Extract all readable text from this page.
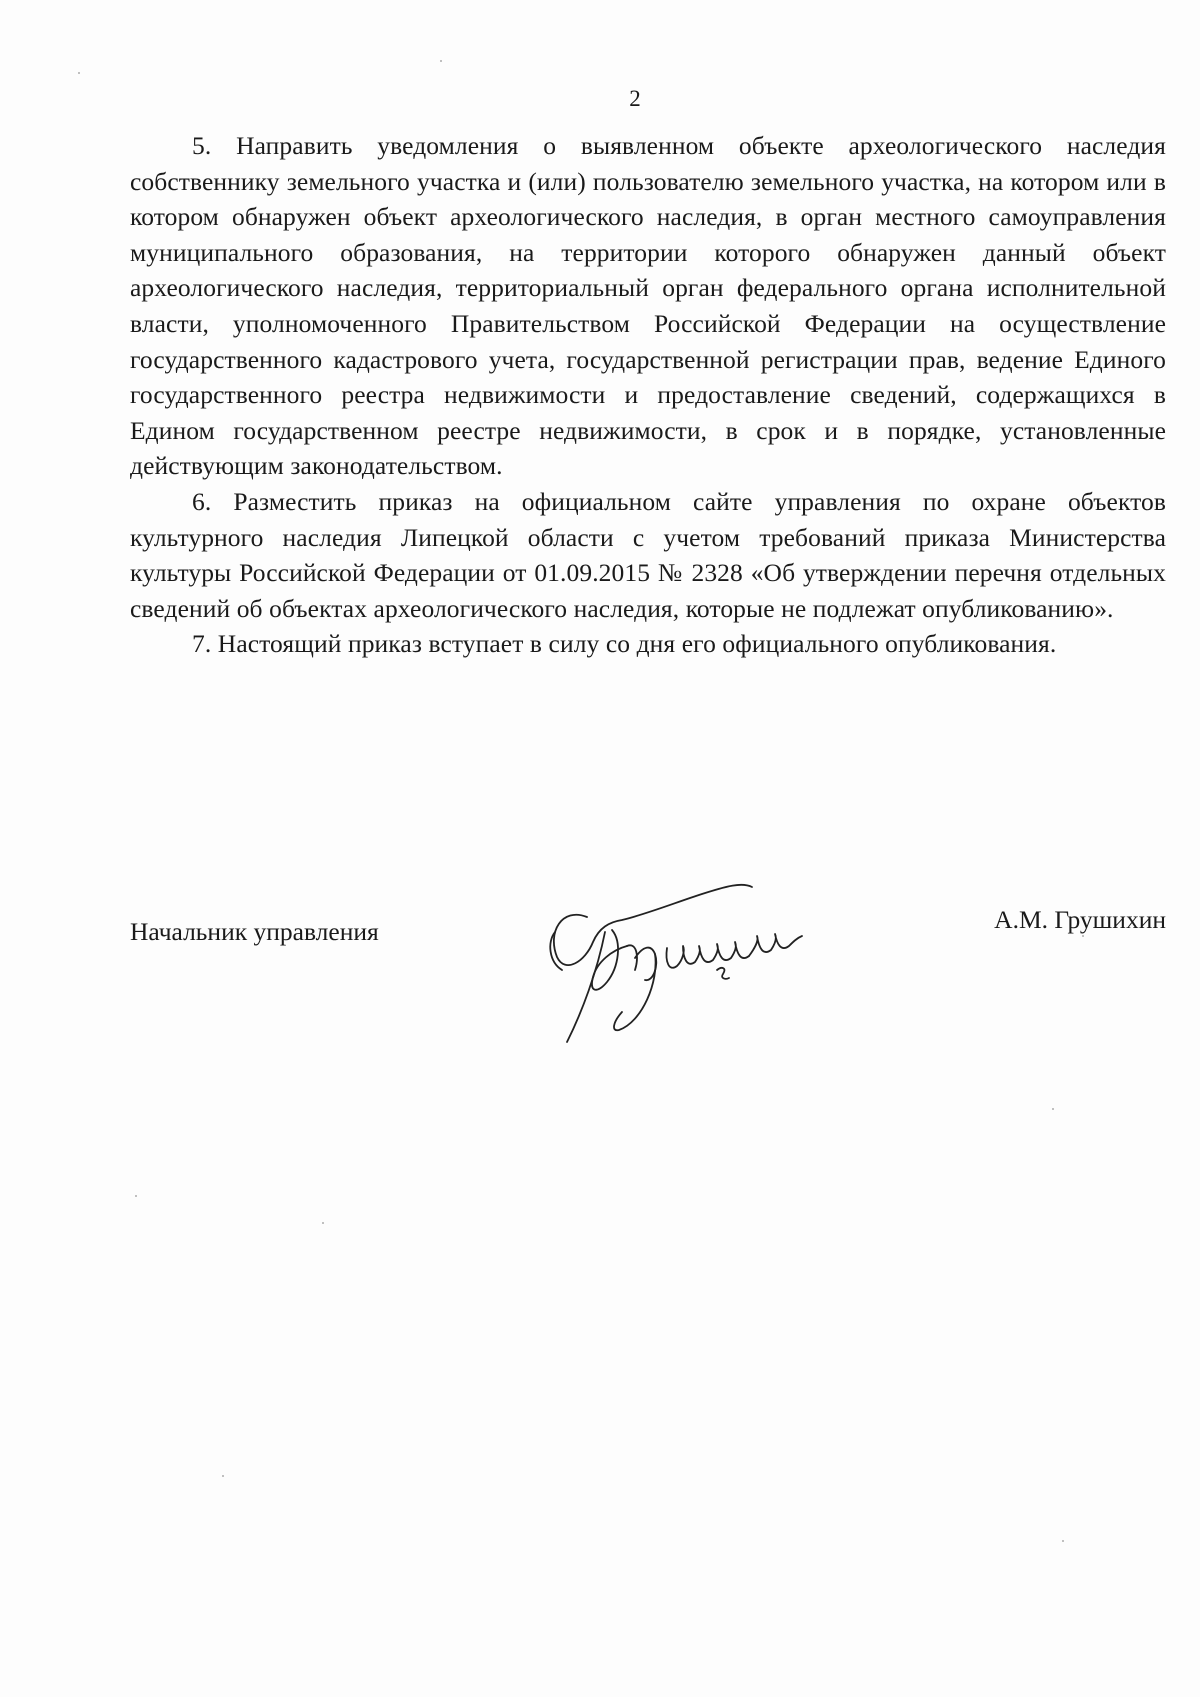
2

5. Направить уведомления о выявленном объекте археологического наследия собственнику земельного участка и (или) пользователю земельного участка, на котором или в котором обнаружен объект археологического наследия, в орган местного самоуправления муниципального образования, на территории которого обнаружен данный объект археологического наследия, территориальный орган федерального органа исполнительной власти, уполномоченного Правительством Российской Федерации на осуществление государственного кадастрового учета, государственной регистрации прав, ведение Единого государственного реестра недвижимости и предоставление сведений, содержащихся в Едином государственном реестре недвижимости, в срок и в порядке, установленные действующим законодательством.

6. Разместить приказ на официальном сайте управления по охране объектов культурного наследия Липецкой области с учетом требований приказа Министерства культуры Российской Федерации от 01.09.2015 № 2328 «Об утверждении перечня отдельных сведений об объектах археологического наследия, которые не подлежат опубликованию».

7. Настоящий приказ вступает в силу со дня его официального опубликования.

Начальник управления	А.М. Грушихин
